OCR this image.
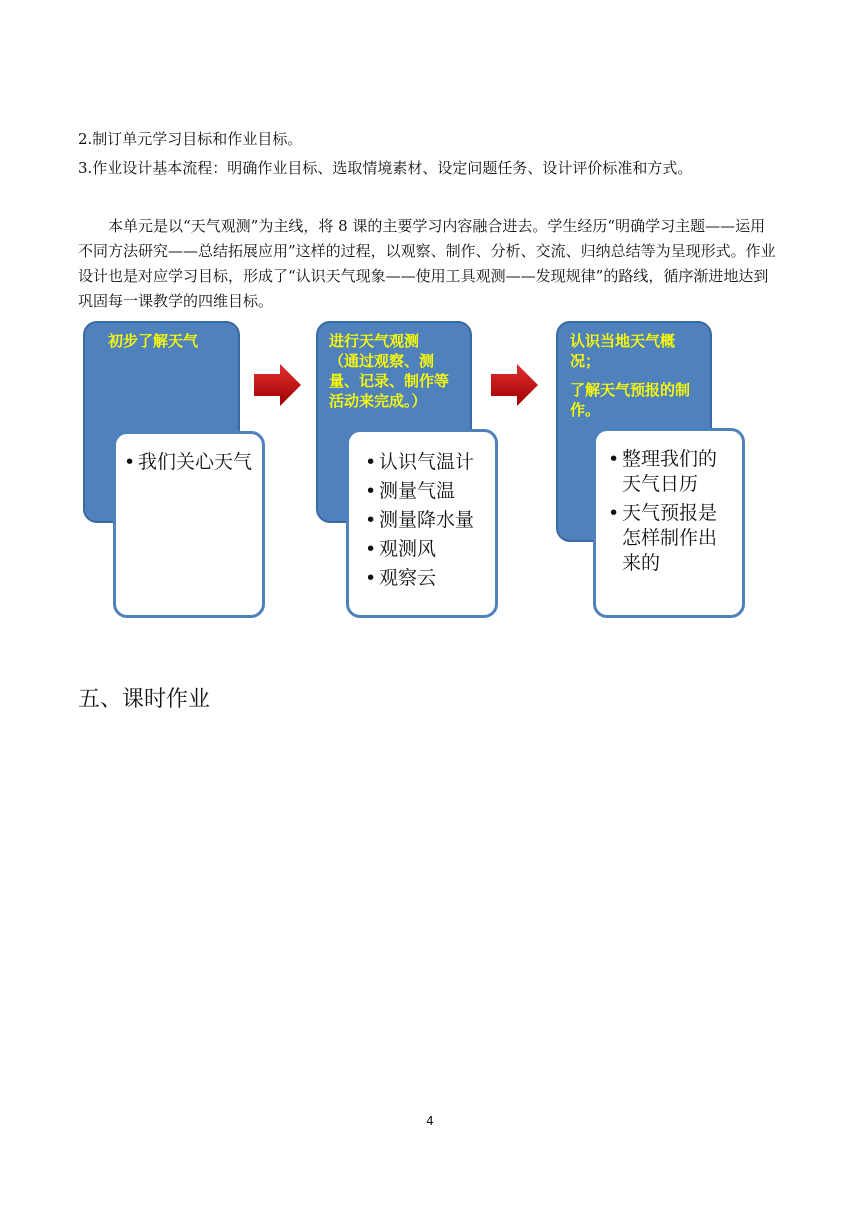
2.制订单元学习目标和作业目标。
3.作业设计基本流程：明确作业目标、选取情境素材、设定问题任务、设计评价标准和方式。
本单元是以“天气观测”为主线，将 8 课的主要学习内容融合进去。学生经历“明确学习主题——运用不同方法研究——总结拓展应用”这样的过程，以观察、制作、分析、交流、归纳总结等为呈现形式。作业设计也是对应学习目标，形成了“认识天气现象——使用工具观测——发现规律”的路线，循序渐进地达到巩固每一课教学的四维目标。
初步了解天气
• 我们关心天气
进行天气观测
（通过观察、测量、记录、制作等活动来完成。）
• 认识气温计
• 测量气温
• 测量降水量
• 观测风
• 观察云
认识当地天气概况；
了解天气预报的制作。
• 整理我们的天气日历
• 天气预报是怎样制作出来的
五、课时作业
4
